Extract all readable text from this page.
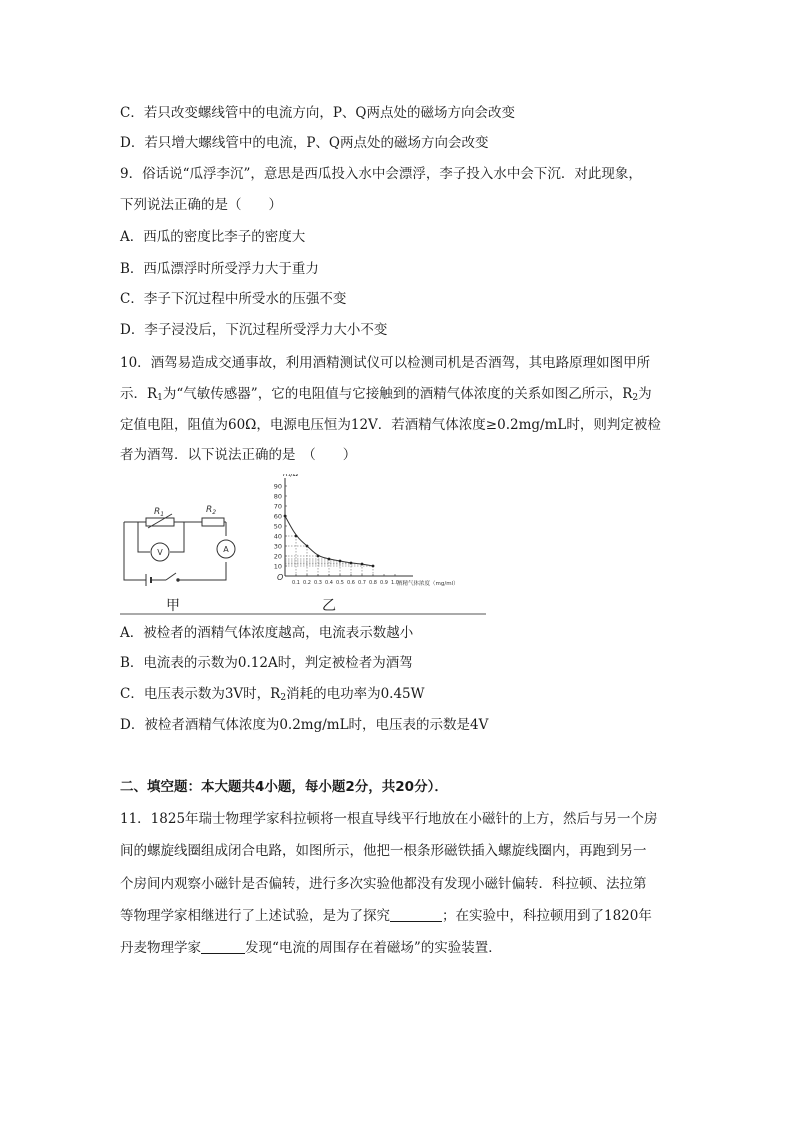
C．若只改变螺线管中的电流方向，P、Q两点处的磁场方向会改变
D．若只增大螺线管中的电流，P、Q两点处的磁场方向会改变
9．俗话说“瓜浮李沉”，意思是西瓜投入水中会漂浮，李子投入水中会下沉．对此现象，
下列说法正确的是（　　）
A．西瓜的密度比李子的密度大
B．西瓜漂浮时所受浮力大于重力
C．李子下沉过程中所受水的压强不变
D．李子浸没后，下沉过程所受浮力大小不变
10．酒驾易造成交通事故，利用酒精测试仪可以检测司机是否酒驾，其电路原理如图甲所
示．$R_1$为“气敏传感器”，它的电阻值与它接触到的酒精气体浓度的关系如图乙所示，$R_2$为
定值电阻，阻值为60Ω，电源电压恒为12V．若酒精气体浓度≥0.2mg/mL时，则判定被检
者为酒驾．以下说法正确的是　（　　）
$R_1$	$R_2$
V	A
R₁/Ω
O
10
20
30
40
50
60
70
80
90
0.1 0.2 0.3 0.4 0.5 0.6 0.7 0.8 0.9 1.0
酒精气体浓度（mg/ml）
甲	乙
A．被检者的酒精气体浓度越高，电流表示数越小
B．电流表的示数为0.12A时，判定被检者为酒驾
C．电压表示数为3V时，$R_2$消耗的电功率为0.45W
D．被检者酒精气体浓度为0.2mg/mL时，电压表的示数是4V
二、填空题：本大题共4小题，每小题2分，共20分）．
11．1825年瑞士物理学家科拉顿将一根直导线平行地放在小磁针的上方，然后与另一个房
间的螺旋线圈组成闭合电路，如图所示，他把一根条形磁铁插入螺旋线圈内，再跑到另一
个房间内观察小磁针是否偏转，进行多次实验他都没有发现小磁针偏转．科拉顿、法拉第
等物理学家相继进行了上述试验，是为了探究	；在实验中，科拉顿用到了1820年
丹麦物理学家	发现“电流的周围存在着磁场”的实验装置．
